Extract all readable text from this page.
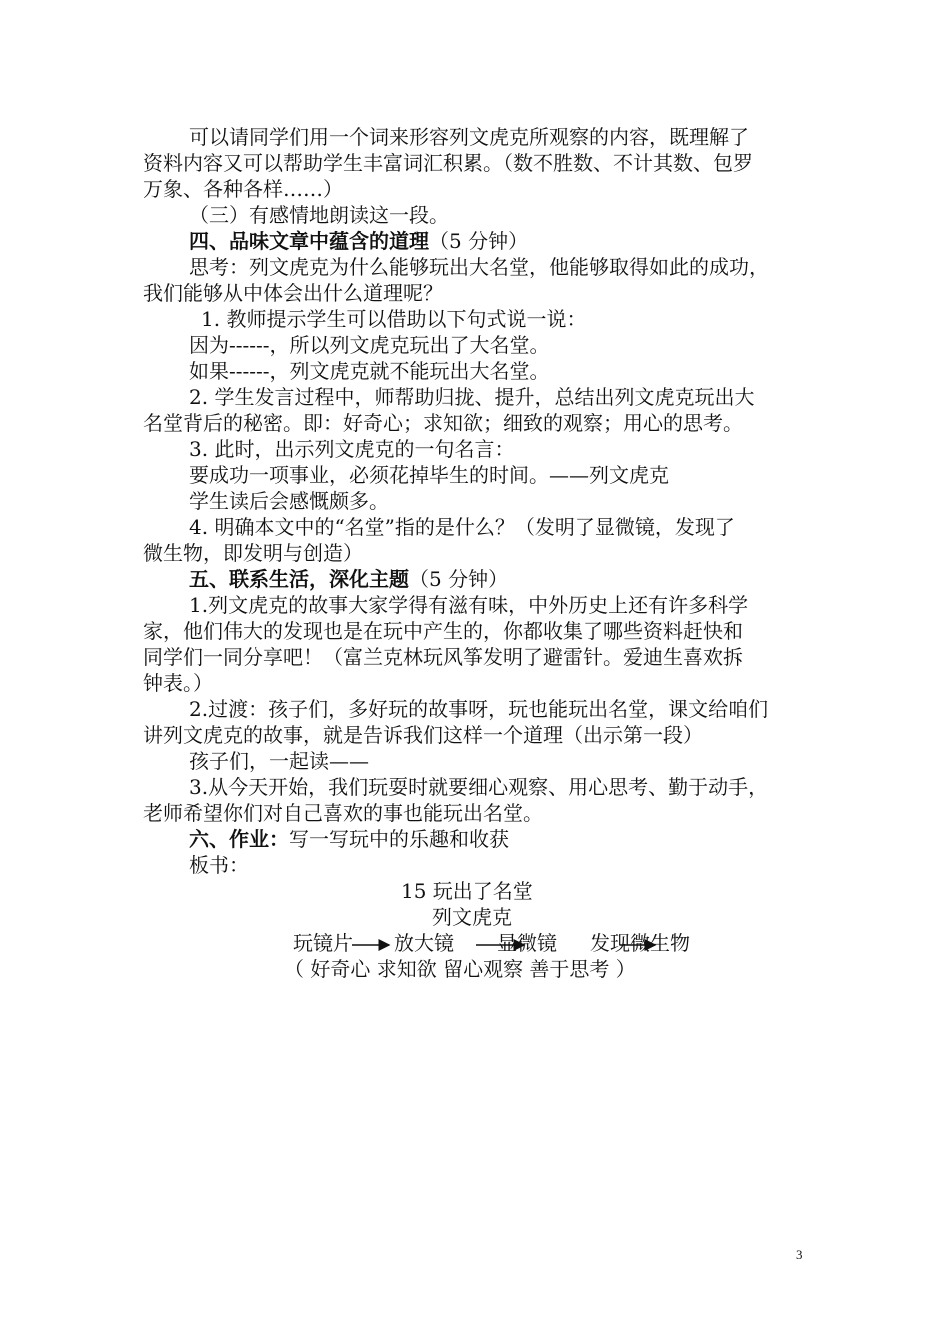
可以请同学们用一个词来形容列文虎克所观察的内容，既理解了
资料内容又可以帮助学生丰富词汇积累。（数不胜数、不计其数、包罗
万象、各种各样……）
（三）有感情地朗读这一段。
四、品味文章中蕴含的道理（5 分钟）
思考：列文虎克为什么能够玩出大名堂，他能够取得如此的成功，
我们能够从中体会出什么道理呢？
1. 教师提示学生可以借助以下句式说一说：
因为------，所以列文虎克玩出了大名堂。
如果------，列文虎克就不能玩出大名堂。
2. 学生发言过程中，师帮助归拢、提升，总结出列文虎克玩出大
名堂背后的秘密。即：好奇心；求知欲；细致的观察；用心的思考。
3. 此时，出示列文虎克的一句名言：
要成功一项事业，必须花掉毕生的时间。——列文虎克
学生读后会感慨颇多。
4. 明确本文中的“名堂”指的是什么？（发明了显微镜，发现了
微生物，即发明与创造）
五、联系生活，深化主题（5 分钟）
1.列文虎克的故事大家学得有滋有味，中外历史上还有许多科学
家，他们伟大的发现也是在玩中产生的，你都收集了哪些资料赶快和
同学们一同分享吧！（富兰克林玩风筝发明了避雷针。爱迪生喜欢拆
钟表。）
2.过渡：孩子们，多好玩的故事呀，玩也能玩出名堂，课文给咱们
讲列文虎克的故事，就是告诉我们这样一个道理（出示第一段）
孩子们，一起读——
3.从今天开始，我们玩耍时就要细心观察、用心思考、勤于动手，
老师希望你们对自己喜欢的事也能玩出名堂。
六、作业：写一写玩中的乐趣和收获
板书：
15 玩出了名堂
列文虎克
玩镜片 放大镜 显微镜 发现微生物
（ 好奇心 求知欲 留心观察 善于思考 ）
3
